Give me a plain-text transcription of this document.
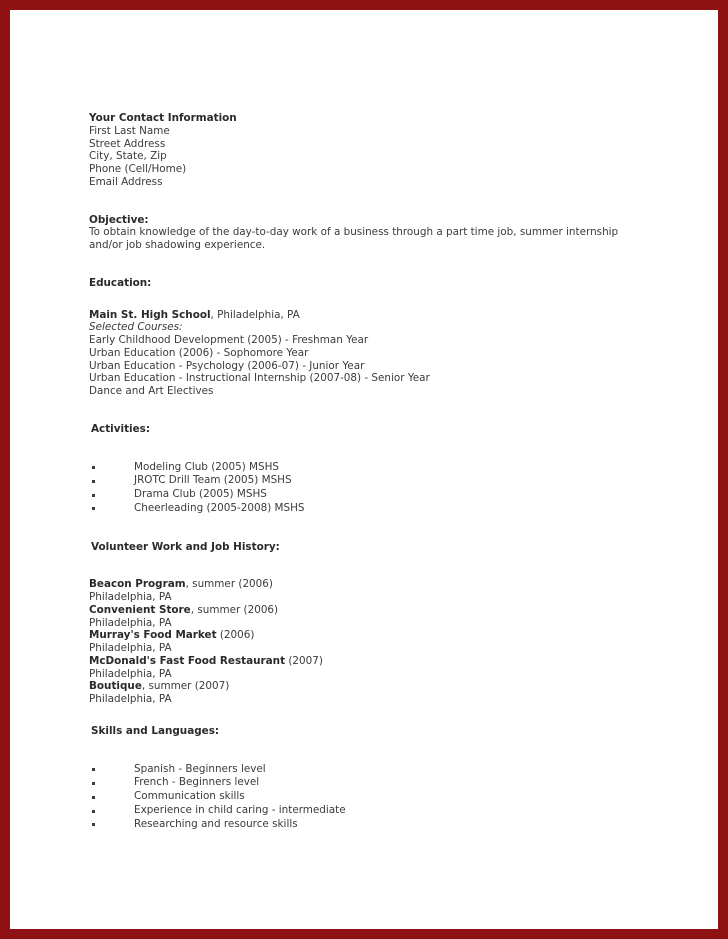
Your Contact Information
First Last Name
Street Address
City, State, Zip
Phone (Cell/Home)
Email Address
Objective:
To obtain knowledge of the day-to-day work of a business through a part time job, summer internship and/or job shadowing experience.
Education:
Main St. High School, Philadelphia, PA
Selected Courses:
Early Childhood Development (2005) - Freshman Year
Urban Education (2006) - Sophomore Year
Urban Education - Psychology (2006-07) - Junior Year
Urban Education - Instructional Internship (2007-08) - Senior Year
Dance and Art Electives
Activities:
Modeling Club (2005) MSHS
JROTC Drill Team (2005) MSHS
Drama Club (2005) MSHS
Cheerleading (2005-2008) MSHS
Volunteer Work and Job History:
Beacon Program, summer (2006)
Philadelphia, PA
Convenient Store, summer (2006)
Philadelphia, PA
Murray's Food Market (2006)
Philadelphia, PA
McDonald's Fast Food Restaurant (2007)
Philadelphia, PA
Boutique, summer (2007)
Philadelphia, PA
Skills and Languages:
Spanish - Beginners level
French - Beginners level
Communication skills
Experience in child caring - intermediate
Researching and resource skills
